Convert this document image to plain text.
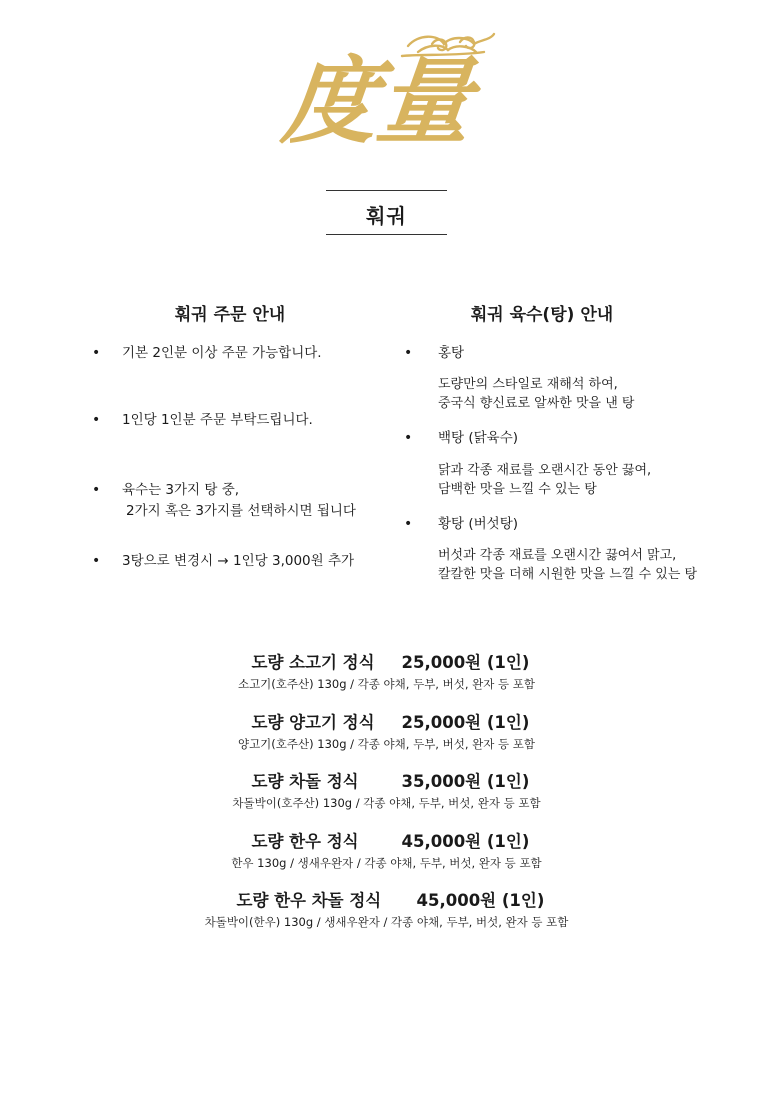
度量
훠궈
훠궈 주문 안내
• 기본 2인분 이상 주문 가능합니다.
• 1인당 1인분 주문 부탁드립니다.
• 육수는 3가지 탕 중,
2가지 혹은 3가지를 선택하시면 됩니다
• 3탕으로 변경시 → 1인당 3,000원 추가
훠궈 육수(탕) 안내
• 홍탕
도량만의 스타일로 재해석 하여,
중국식 향신료로 알싸한 맛을 낸 탕
• 백탕 (닭육수)
닭과 각종 재료를 오랜시간 동안 끓여,
담백한 맛을 느낄 수 있는 탕
• 황탕 (버섯탕)
버섯과 각종 재료를 오랜시간 끓여서 맑고,
칼칼한 맛을 더해 시원한 맛을 느낄 수 있는 탕
도량 소고기 정식 25,000원 (1인)
소고기(호주산) 130g / 각종 야채, 두부, 버섯, 완자 등 포함
도량 양고기 정식 25,000원 (1인)
양고기(호주산) 130g / 각종 야채, 두부, 버섯, 완자 등 포함
도량 차돌 정식	35,000원 (1인)
차돌박이(호주산) 130g / 각종 야채, 두부, 버섯, 완자 등 포함
도량 한우 정식	45,000원 (1인)
한우 130g / 생새우완자 / 각종 야채, 두부, 버섯, 완자 등 포함
도량 한우 차돌 정식 45,000원 (1인)
차돌박이(한우) 130g / 생새우완자 / 각종 야채, 두부, 버섯, 완자 등 포함
